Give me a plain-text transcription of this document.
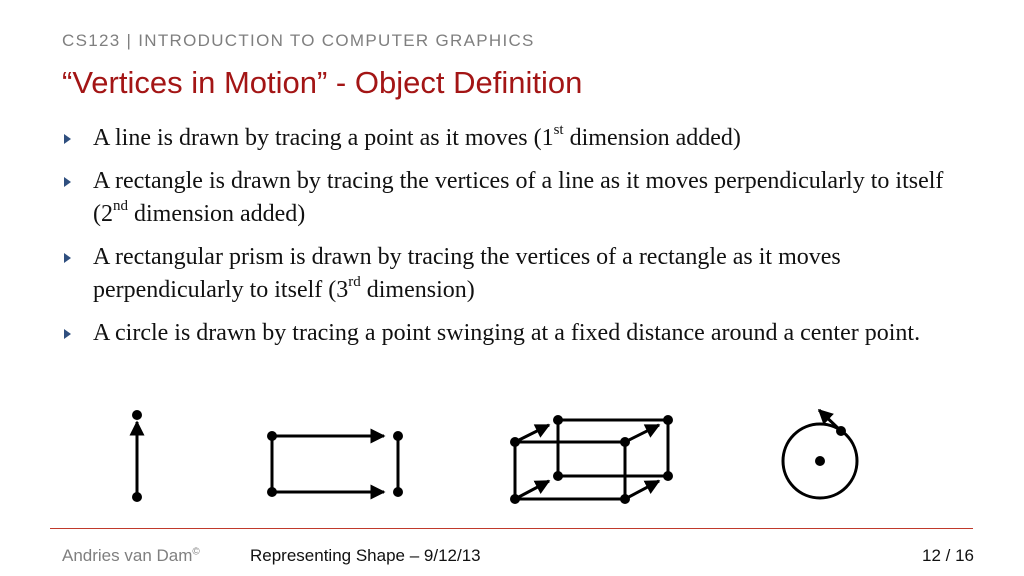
CS123 | INTRODUCTION TO COMPUTER GRAPHICS
“Vertices in Motion” - Object Definition
A line is drawn by tracing a point as it moves (1st dimension added)
A rectangle is drawn by tracing the vertices of a line as it moves perpendicularly to itself (2nd dimension added)
A rectangular prism is drawn by tracing the vertices of a rectangle as it moves perpendicularly to itself (3rd dimension)
A circle is drawn by tracing a point swinging at a fixed distance around a center point.
Andries van Dam©	Representing Shape – 9/12/13	12 / 16
